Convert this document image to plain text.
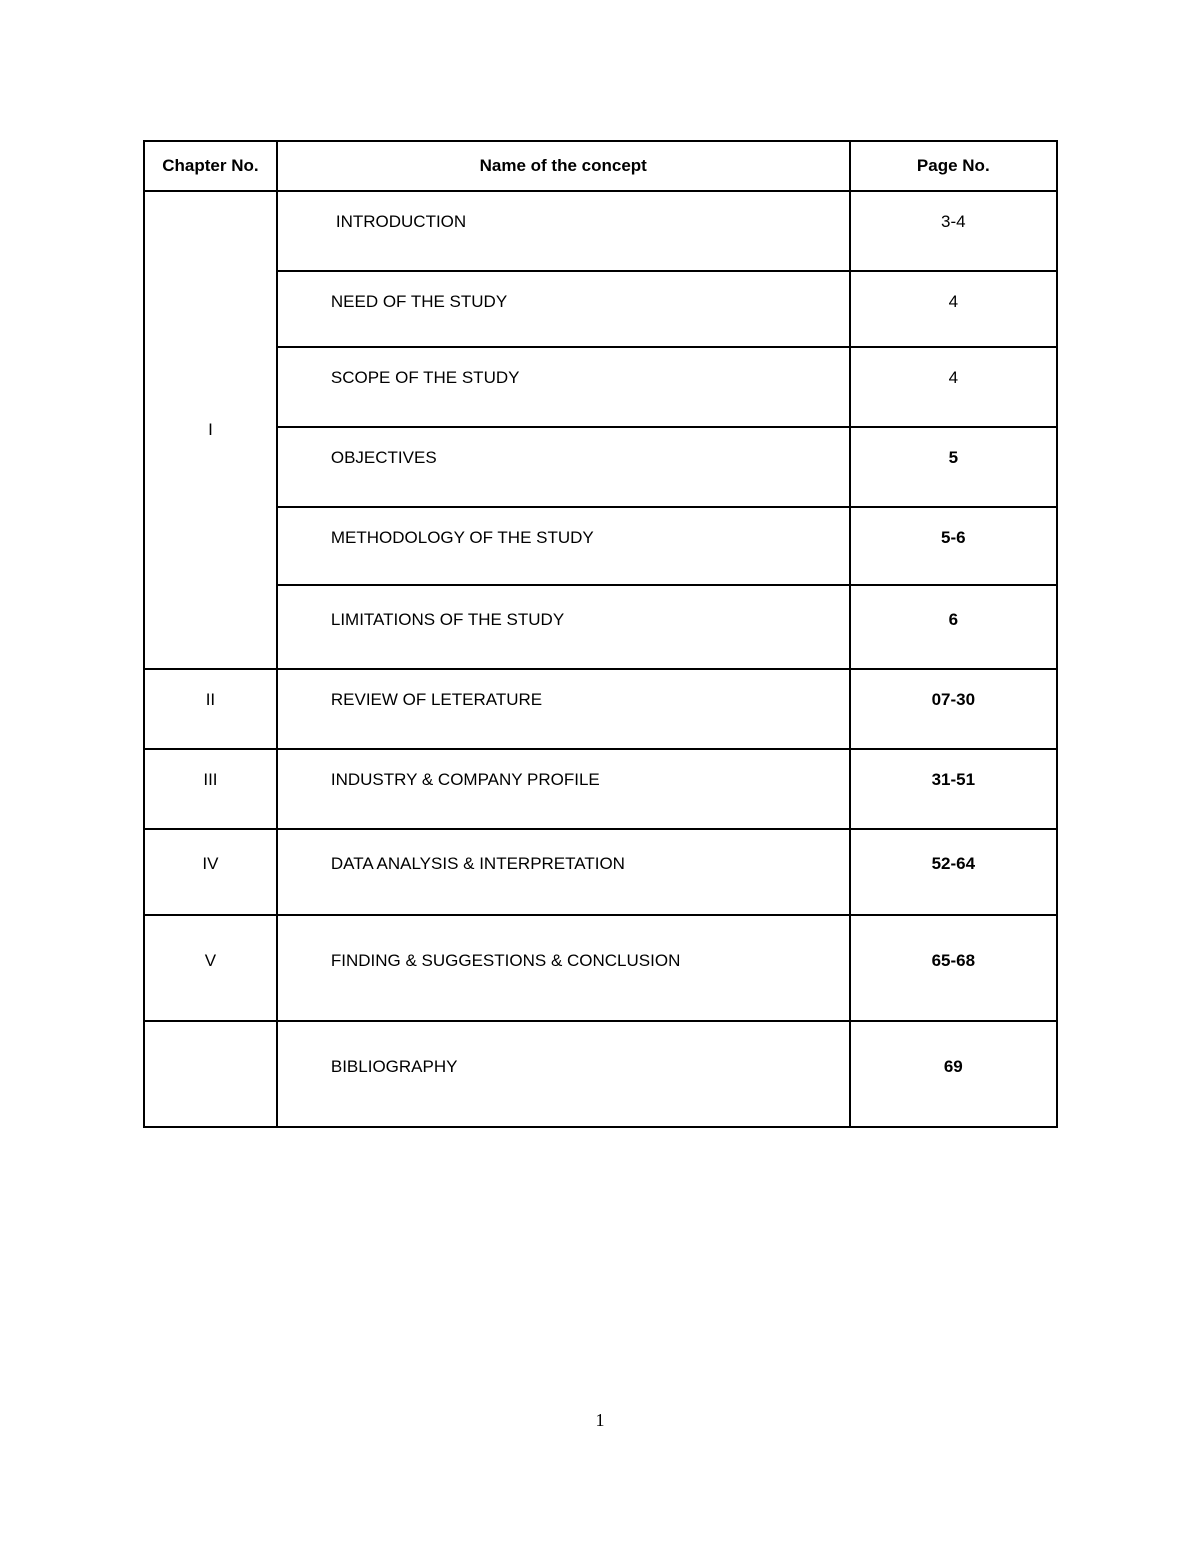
Chapter No.	Name of the concept	Page No.
I	INTRODUCTION	3-4
	NEED OF THE STUDY	4
	SCOPE OF THE STUDY	4
	OBJECTIVES	5
	METHODOLOGY OF THE STUDY	5-6
	LIMITATIONS OF THE STUDY	6
II	REVIEW OF LETERATURE	07-30
III	INDUSTRY & COMPANY PROFILE	31-51
IV	DATA ANALYSIS & INTERPRETATION	52-64
V	FINDING & SUGGESTIONS & CONCLUSION	65-68
	BIBLIOGRAPHY	69
1
